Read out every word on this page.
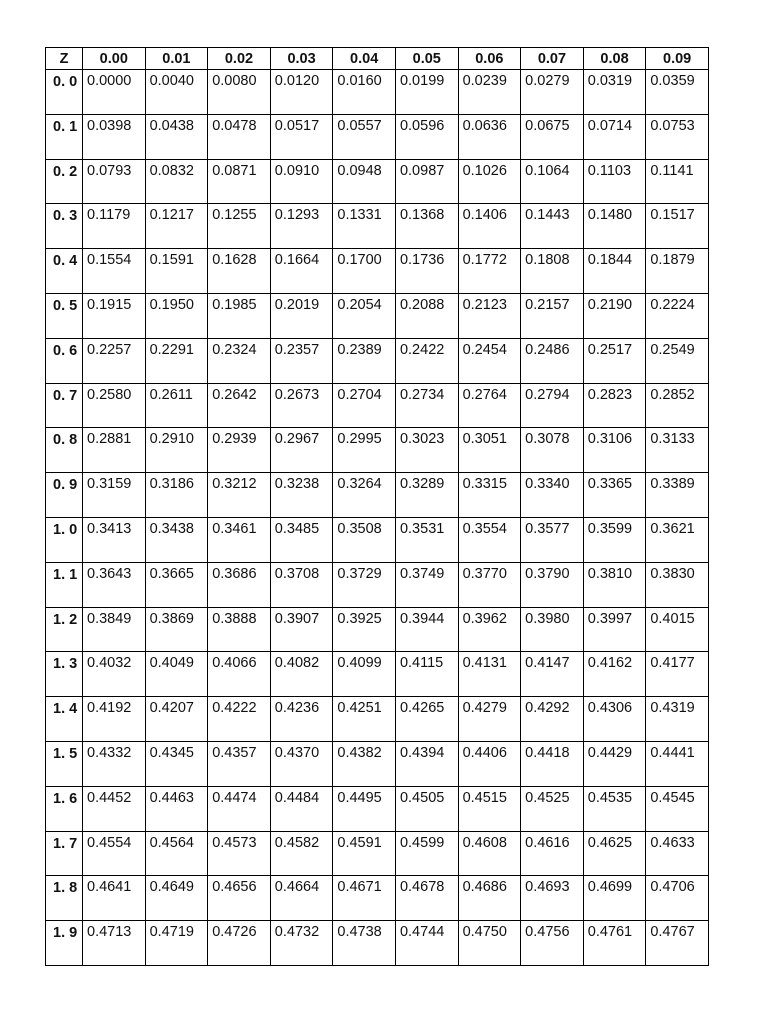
Z	0.00	0.01	0.02	0.03	0.04	0.05	0.06	0.07	0.08	0.09
0. 0	0.0000	0.0040	0.0080	0.0120	0.0160	0.0199	0.0239	0.0279	0.0319	0.0359
0. 1	0.0398	0.0438	0.0478	0.0517	0.0557	0.0596	0.0636	0.0675	0.0714	0.0753
0. 2	0.0793	0.0832	0.0871	0.0910	0.0948	0.0987	0.1026	0.1064	0.1103	0.1141
0. 3	0.1179	0.1217	0.1255	0.1293	0.1331	0.1368	0.1406	0.1443	0.1480	0.1517
0. 4	0.1554	0.1591	0.1628	0.1664	0.1700	0.1736	0.1772	0.1808	0.1844	0.1879
0. 5	0.1915	0.1950	0.1985	0.2019	0.2054	0.2088	0.2123	0.2157	0.2190	0.2224
0. 6	0.2257	0.2291	0.2324	0.2357	0.2389	0.2422	0.2454	0.2486	0.2517	0.2549
0. 7	0.2580	0.2611	0.2642	0.2673	0.2704	0.2734	0.2764	0.2794	0.2823	0.2852
0. 8	0.2881	0.2910	0.2939	0.2967	0.2995	0.3023	0.3051	0.3078	0.3106	0.3133
0. 9	0.3159	0.3186	0.3212	0.3238	0.3264	0.3289	0.3315	0.3340	0.3365	0.3389
1. 0	0.3413	0.3438	0.3461	0.3485	0.3508	0.3531	0.3554	0.3577	0.3599	0.3621
1. 1	0.3643	0.3665	0.3686	0.3708	0.3729	0.3749	0.3770	0.3790	0.3810	0.3830
1. 2	0.3849	0.3869	0.3888	0.3907	0.3925	0.3944	0.3962	0.3980	0.3997	0.4015
1. 3	0.4032	0.4049	0.4066	0.4082	0.4099	0.4115	0.4131	0.4147	0.4162	0.4177
1. 4	0.4192	0.4207	0.4222	0.4236	0.4251	0.4265	0.4279	0.4292	0.4306	0.4319
1. 5	0.4332	0.4345	0.4357	0.4370	0.4382	0.4394	0.4406	0.4418	0.4429	0.4441
1. 6	0.4452	0.4463	0.4474	0.4484	0.4495	0.4505	0.4515	0.4525	0.4535	0.4545
1. 7	0.4554	0.4564	0.4573	0.4582	0.4591	0.4599	0.4608	0.4616	0.4625	0.4633
1. 8	0.4641	0.4649	0.4656	0.4664	0.4671	0.4678	0.4686	0.4693	0.4699	0.4706
1. 9	0.4713	0.4719	0.4726	0.4732	0.4738	0.4744	0.4750	0.4756	0.4761	0.4767
